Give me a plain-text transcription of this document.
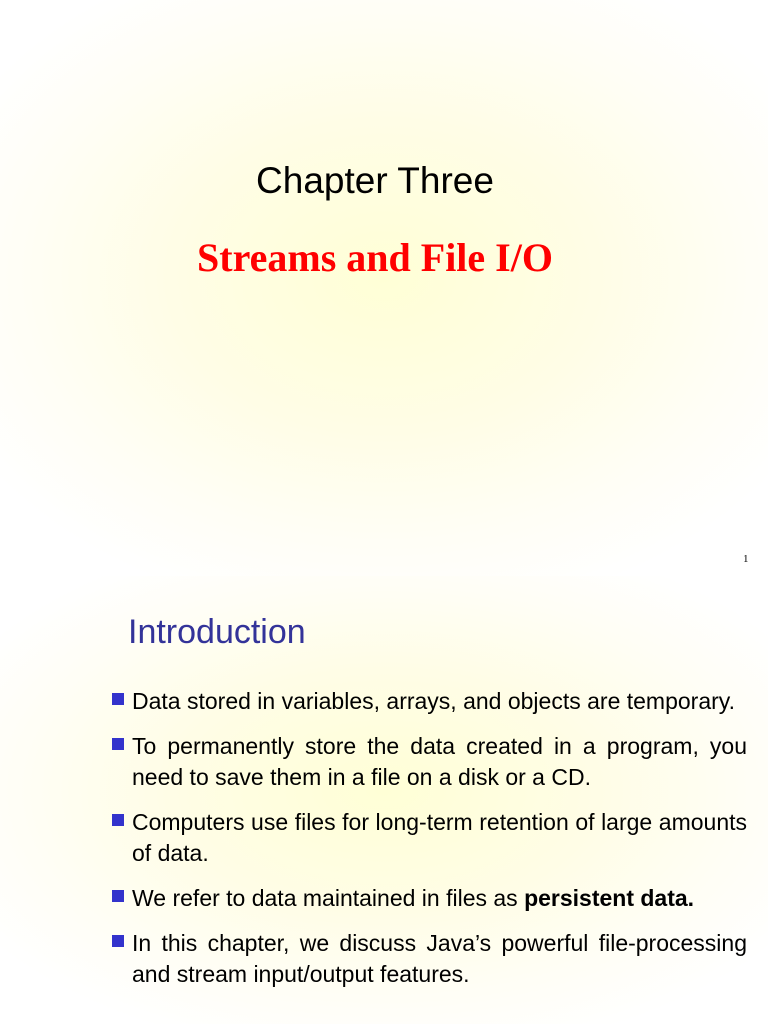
Chapter Three
Streams and File I/O
1
Introduction
Data stored in variables, arrays, and objects are temporary.
To permanently store the data created in a program, you need to save them in a file on a disk or a CD.
Computers use files for long-term retention of large amounts of data.
We refer to data maintained in files as persistent data.
In this chapter, we discuss Java’s powerful file-processing and stream input/output features.
